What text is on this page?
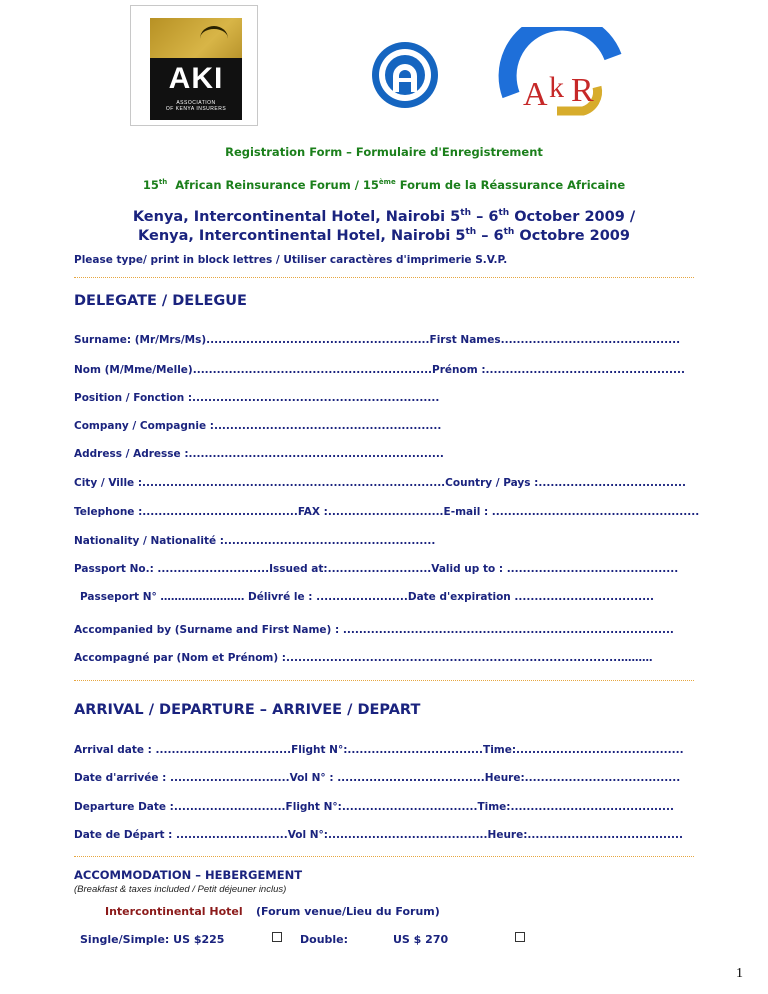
AKI
ASSOCIATION
OF KENYA INSURERS	A k R
Registration Form – Formulaire d'Enregistrement
15th African Reinsurance Forum / 15ème Forum de la Réassurance Africaine
Kenya, Intercontinental Hotel, Nairobi 5th – 6th October 2009 /
Kenya, Intercontinental Hotel, Nairobi 5th – 6th Octobre 2009
Please type/ print in block lettres / Utiliser caractères d'imprimerie S.V.P.
DELEGATE / DELEGUE
Surname: (Mr/Mrs/Ms)........................................................First Names.............................................
Nom (M/Mme/Melle)............................................................Prénom :..................................................
Position / Fonction :..............................................................
Company / Compagnie :.........................................................
Address / Adresse :................................................................
City / Ville :............................................................................Country / Pays :.....................................
Telephone :.......................................FAX :.............................E-mail : ....................................................
Nationality / Nationalité :.....................................................
Passport No.: ............................Issued at:..........................Valid up to : ...........................................
Passeport N° …………………… Délivré le : .......................Date d'expiration ...................................
Accompanied by (Surname and First Name) : ...................................................................................
Accompagné par (Nom et Prénom) :....................................................................................………
ARRIVAL / DEPARTURE – ARRIVEE / DEPART
Arrival date : ..................................Flight N°:..................................Time:..........................................
Date d'arrivée : ..............................Vol N° : .....................................Heure:.......................................
Departure Date :............................Flight N°:..................................Time:.........................................
Date de Départ : ............................Vol N°:........................................Heure:.......................................
ACCOMMODATION – HEBERGEMENT
(Breakfast & taxes included / Petit déjeuner inclus)
Intercontinental Hotel (Forum venue/Lieu du Forum)
Single/Simple: US $225	Double:	US $ 270
1
